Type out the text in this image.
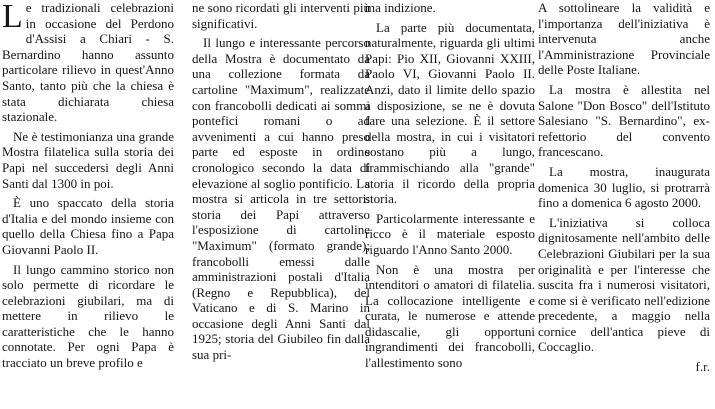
Le tradizionali celebrazioni in occasione del Perdono d'Assisi a Chiari - S. Bernardino hanno assunto particolare rilievo in quest'Anno Santo, tanto più che la chiesa è stata dichiarata chiesa stazionale.

Ne è testimonianza una grande Mostra filatelica sulla storia dei Papi nel succedersi degli Anni Santi dal 1300 in poi.

È uno spaccato della storia d'Italia e del mondo insieme con quello della Chiesa fino a Papa Giovanni Paolo II.

Il lungo cammino storico non solo permette di ricordare le celebrazioni giubilari, ma di mettere in rilievo le caratteristiche che le hanno connotate. Per ogni Papa è tracciato un breve profilo e

ne sono ricordati gli interventi più significativi.

Il lungo e interessante percorso della Mostra è documentato da una collezione formata da cartoline "Maximum", realizzate con francobolli dedicati ai sommi pontefici romani o ad avvenimenti a cui hanno preso parte ed esposte in ordine cronologico secondo la data di elevazione al soglio pontificio. La mostra si articola in tre settori: storia dei Papi attraverso l'esposizione di cartoline "Maximum" (formato grande); francobolli emessi dalle amministrazioni postali d'Italia (Regno e Repubblica), del Vaticano e di S. Marino in occasione degli Anni Santi dal 1925; storia del Giubileo fin dalla sua pri-

ma indizione.

La parte più documentata, naturalmente, riguarda gli ultimi Papi: Pio XII, Giovanni XXIII, Paolo VI, Giovanni Paolo II. Anzi, dato il limite dello spazio a disposizione, se ne è dovuta fare una selezione. È il settore della mostra, in cui i visitatori sostano più a lungo, frammischiando alla "grande" storia il ricordo della propria storia.

Particolarmente interessante e ricco è il materiale esposto riguardo l'Anno Santo 2000.

Non è una mostra per intenditori o amatori di filatelia. La collocazione intelligente e curata, le numerose e attende didascalie, gli opportuni ingrandimenti dei francobolli, l'allestimento sono

A sottolineare la validità e l'importanza dell'iniziativa è intervenuta anche l'Amministrazione Provinciale delle Poste Italiane.

La mostra è allestita nel Salone "Don Bosco" dell'Istituto Salesiano "S. Bernardino", ex-refettorio del convento francescano.

La mostra, inaugurata domenica 30 luglio, si protrarrà fino a domenica 6 agosto 2000.

L'iniziativa si colloca dignitosamente nell'ambito delle Celebrazioni Giubilari per la sua originalità e per l'interesse che suscita fra i numerosi visitatori, come si è verificato nell'edizione precedente, a maggio nella cornice dell'antica pieve di Coccaglio.

f.r.
